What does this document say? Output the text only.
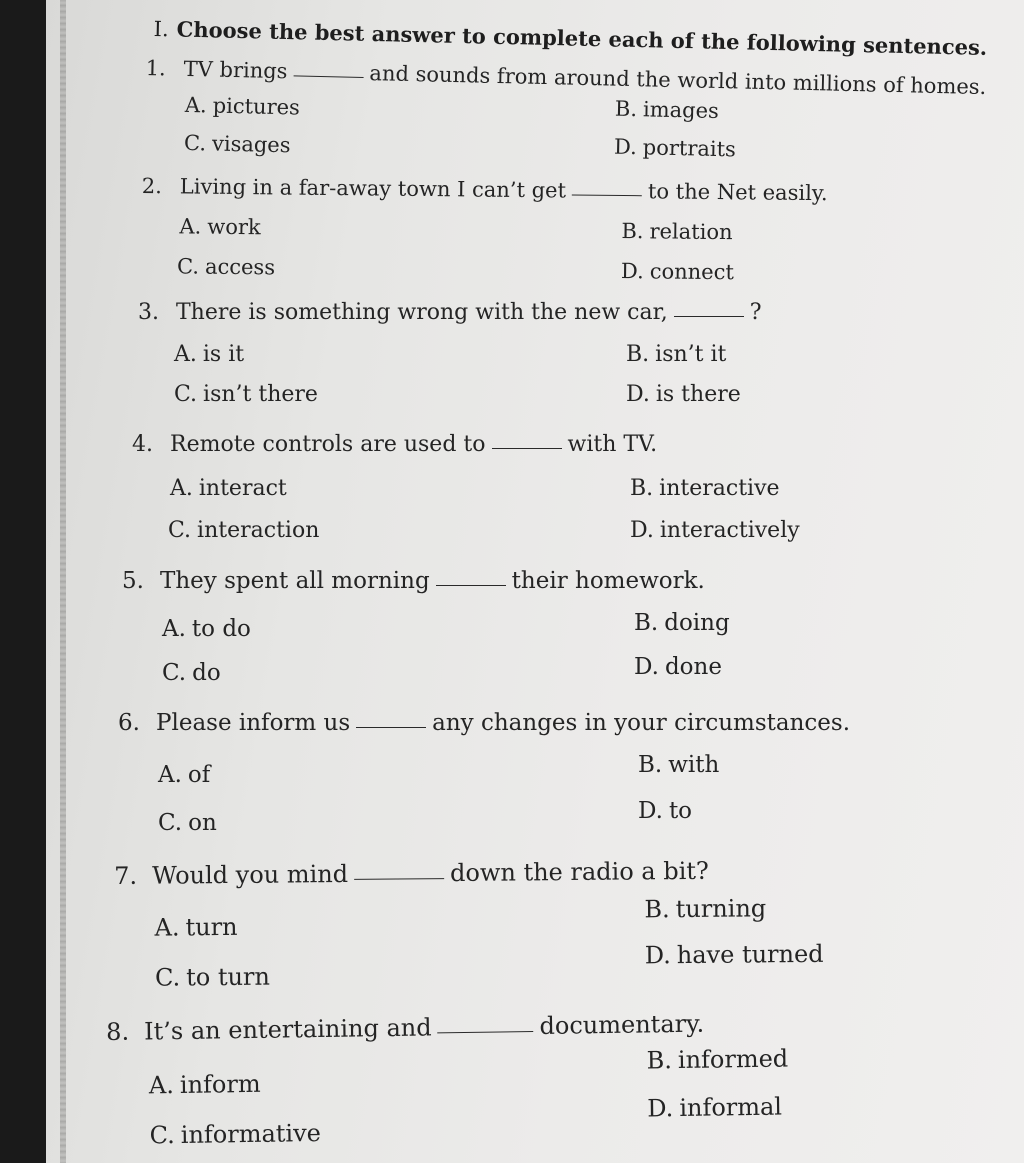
I. Choose the best answer to complete each of the following sentences.
1. TV brings	and sounds from around the world into millions of homes.
A. pictures	B. images
C. visages	D. portraits
2. Living in a far-away town I can’t get	to the Net easily.
A. work	B. relation
C. access	D. connect
3. There is something wrong with the new car,	?
A. is it	B. isn’t it
C. isn’t there	D. is there
4. Remote controls are used to	with TV.
A. interact	B. interactive
C. interaction	D. interactively
5. They spent all morning	their homework.
A. to do	B. doing
C. do	D. done
6. Please inform us	any changes in your circumstances.
A. of	B. with
C. on	D. to
7. Would you mind	down the radio a bit?
A. turn
B. turning
C. to turn
D. have turned
8. It’s an entertaining and	documentary.
A. inform
B. informed
C. informative
D. informal
